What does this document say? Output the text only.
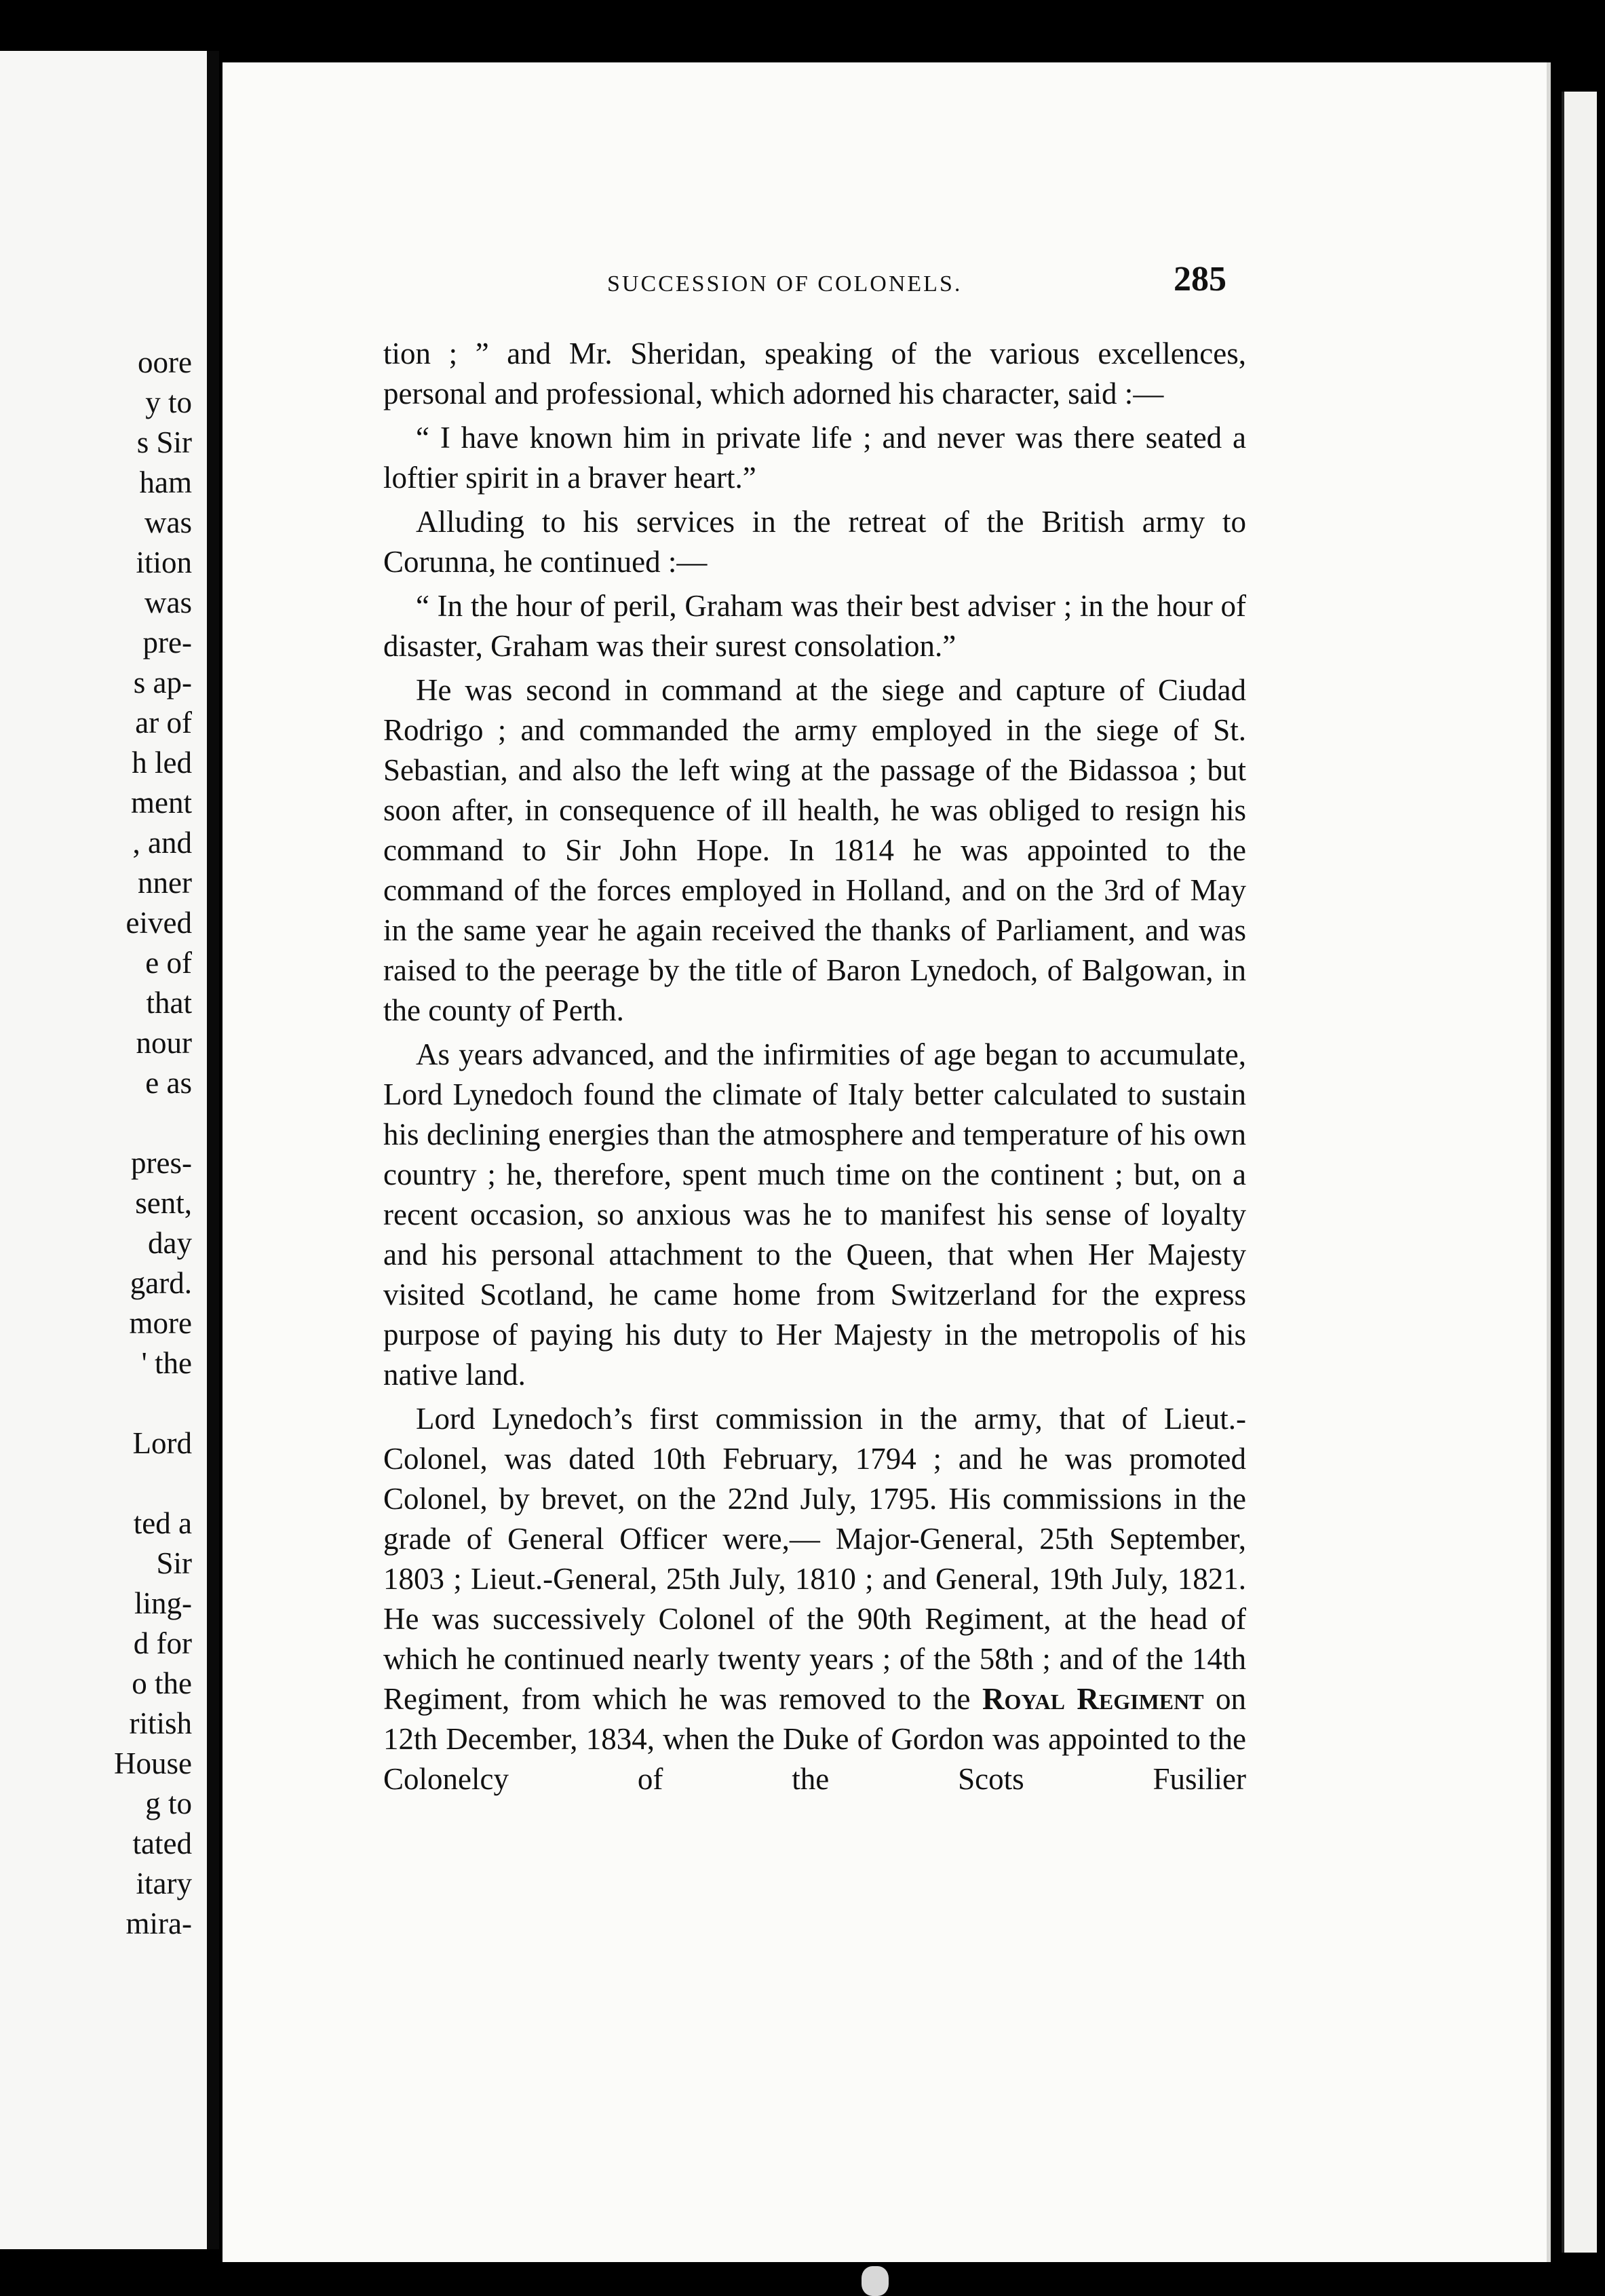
oore
y to
s Sir
ham
was
ition
was
pre-
s ap-
ar of
h led
ment
, and
nner
eived
e of
that
nour
e as
pres-
sent,
day
gard.
more
' the
Lord
ted a
Sir
ling-
d for
o the
ritish
House
g to
tated
itary
mira-
SUCCESSION OF COLONELS.	285

tion ; ” and Mr. Sheridan, speaking of the various excellences, personal and professional, which adorned his character, said :—

“ I have known him in private life ; and never was there seated a loftier spirit in a braver heart.”

Alluding to his services in the retreat of the British army to Corunna, he continued :—

“ In the hour of peril, Graham was their best adviser ; in the hour of disaster, Graham was their surest consolation.”

He was second in command at the siege and capture of Ciudad Rodrigo ; and commanded the army employed in the siege of St. Sebastian, and also the left wing at the passage of the Bidassoa ; but soon after, in consequence of ill health, he was obliged to resign his command to Sir John Hope. In 1814 he was appointed to the command of the forces employed in Holland, and on the 3rd of May in the same year he again received the thanks of Parliament, and was raised to the peerage by the title of Baron Lynedoch, of Balgowan, in the county of Perth.

As years advanced, and the infirmities of age began to accumulate, Lord Lynedoch found the climate of Italy better calculated to sustain his declining energies than the atmosphere and temperature of his own country ; he, therefore, spent much time on the continent ; but, on a recent occasion, so anxious was he to manifest his sense of loyalty and his personal attachment to the Queen, that when Her Majesty visited Scotland, he came home from Switzerland for the express purpose of paying his duty to Her Majesty in the metropolis of his native land.

Lord Lynedoch’s first commission in the army, that of Lieut.-Colonel, was dated 10th February, 1794 ; and he was promoted Colonel, by brevet, on the 22nd July, 1795. His commissions in the grade of General Officer were,— Major-General, 25th September, 1803 ; Lieut.-General, 25th July, 1810 ; and General, 19th July, 1821. He was successively Colonel of the 90th Regiment, at the head of which he continued nearly twenty years ; of the 58th ; and of the 14th Regiment, from which he was removed to the Royal Regiment on 12th December, 1834, when the Duke of Gordon was appointed to the Colonelcy of the Scots Fusilier
